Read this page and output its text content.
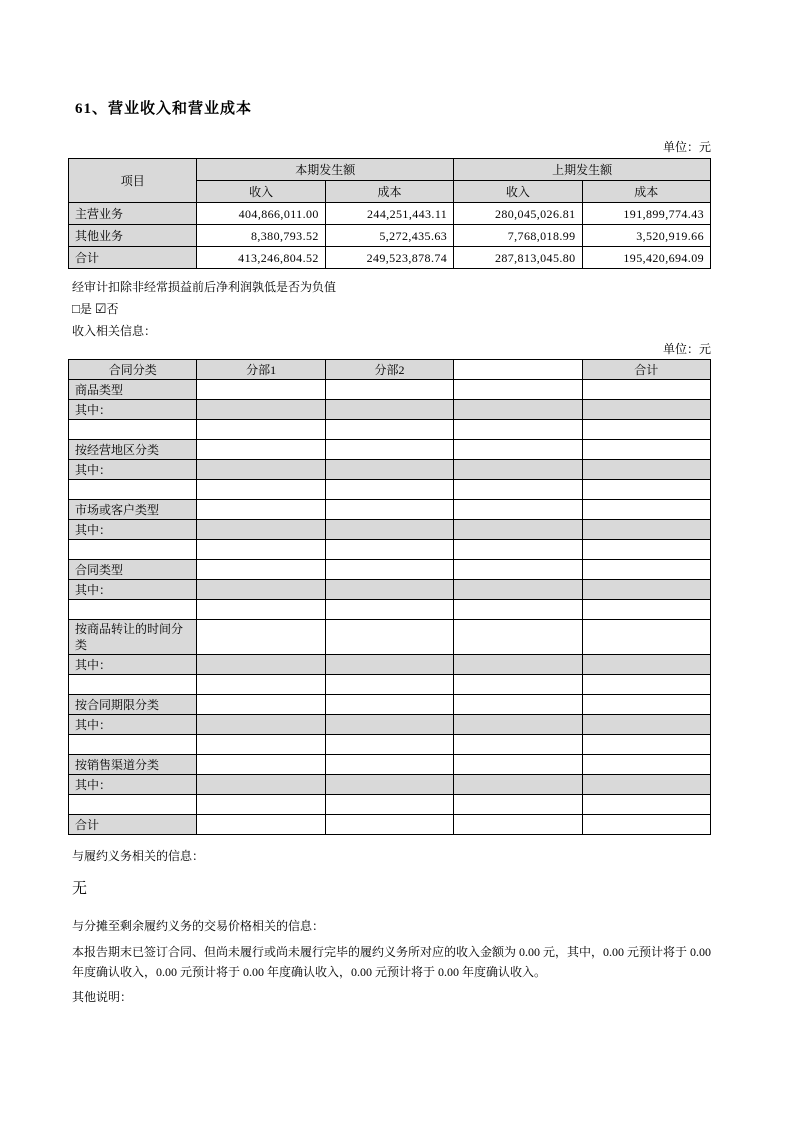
61、营业收入和营业成本
单位：元
项目	本期发生额		上期发生额	
	收入	成本	收入	成本
主营业务	404,866,011.00	244,251,443.11	280,045,026.81	191,899,774.43
其他业务	8,380,793.52	5,272,435.63	7,768,018.99	3,520,919.66
合计	413,246,804.52	249,523,878.74	287,813,045.80	195,420,694.09

经审计扣除非经常损益前后净利润孰低是否为负值

□是 ☑否

收入相关信息：

单位：元
合同分类	分部1	分部2		合计
商品类型				
其中：				

按经营地区分类				
其中：				

市场或客户类型				
其中：				

合同类型				
其中：				

按商品转让的时间分类				
其中：				

按合同期限分类				
其中：				

按销售渠道分类				
其中：				

合计				

与履约义务相关的信息：

无

与分摊至剩余履约义务的交易价格相关的信息：

本报告期末已签订合同、但尚未履行或尚未履行完毕的履约义务所对应的收入金额为 0.00 元，其中，0.00 元预计将于 0.00 年度确认收入，0.00 元预计将于 0.00 年度确认收入，0.00 元预计将于 0.00 年度确认收入。

其他说明：
